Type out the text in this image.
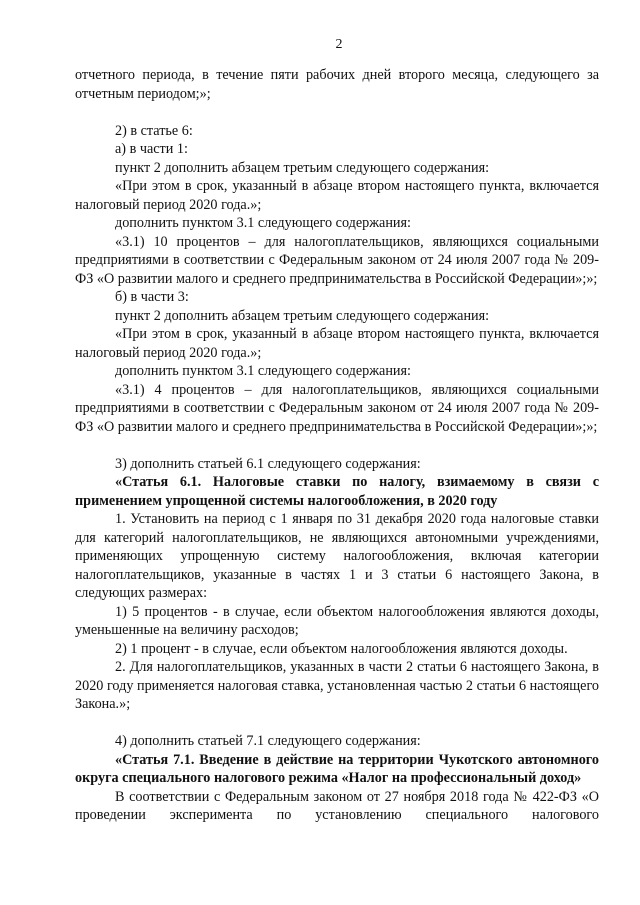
2

отчетного периода, в течение пяти рабочих дней второго месяца, следующего за отчетным периодом;»;

2) в статье 6:

а) в части 1:

пункт 2 дополнить абзацем третьим следующего содержания:

«При этом в срок, указанный в абзаце втором настоящего пункта, включается налоговый период 2020 года.»;

дополнить пунктом 3.1 следующего содержания:

«3.1) 10 процентов – для налогоплательщиков, являющихся социальными предприятиями в соответствии с Федеральным законом от 24 июля 2007 года № 209-ФЗ «О развитии малого и среднего предпринимательства в Российской Федерации»;»;

б) в части 3:

пункт 2 дополнить абзацем третьим следующего содержания:

«При этом в срок, указанный в абзаце втором настоящего пункта, включается налоговый период 2020 года.»;

дополнить пунктом 3.1 следующего содержания:

«3.1) 4 процентов – для налогоплательщиков, являющихся социальными предприятиями в соответствии с Федеральным законом от 24 июля 2007 года № 209-ФЗ «О развитии малого и среднего предпринимательства в Российской Федерации»;»;

3) дополнить статьей 6.1 следующего содержания:

«Статья 6.1. Налоговые ставки по налогу, взимаемому в связи с применением упрощенной системы налогообложения, в 2020 году

1. Установить на период с 1 января по 31 декабря 2020 года налоговые ставки для категорий налогоплательщиков, не являющихся автономными учреждениями, применяющих упрощенную систему налогообложения, включая категории налогоплательщиков, указанные в частях 1 и 3 статьи 6 настоящего Закона, в следующих размерах:

1) 5 процентов - в случае, если объектом налогообложения являются доходы, уменьшенные на величину расходов;

2) 1 процент - в случае, если объектом налогообложения являются доходы.

2. Для налогоплательщиков, указанных в части 2 статьи 6 настоящего Закона, в 2020 году применяется налоговая ставка, установленная частью 2 статьи 6 настоящего Закона.»;

4) дополнить статьей 7.1 следующего содержания:

«Статья 7.1. Введение в действие на территории Чукотского автономного округа специального налогового режима «Налог на профессиональный доход»

В соответствии с Федеральным законом от 27 ноября 2018 года № 422-ФЗ «О проведении эксперимента по установлению специального налогового
